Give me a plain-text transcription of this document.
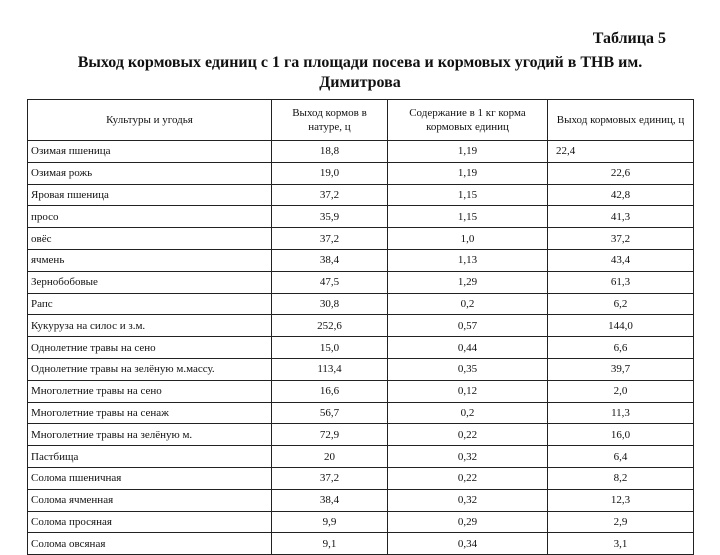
Таблица 5
Выход кормовых единиц с 1 га площади посева и кормовых угодий в ТНВ им.
Димитрова
Культуры и угодья	Выход кормов в натуре, ц	Содержание в 1 кг корма кормовых единиц	Выход кормовых единиц, ц
Озимая пшеница	18,8	1,19	22,4
Озимая рожь	19,0	1,19	22,6
Яровая пшеница	37,2	1,15	42,8
просо	35,9	1,15	41,3
овёс	37,2	1,0	37,2
ячмень	38,4	1,13	43,4
Зернобобовые	47,5	1,29	61,3
Рапс	30,8	0,2	6,2
Кукуруза на силос и з.м.	252,6	0,57	144,0
Однолетние травы на сено	15,0	0,44	6,6
Однолетние травы на зелёную м.массу.	113,4	0,35	39,7
Многолетние травы на сено	16,6	0,12	2,0
Многолетние травы на сенаж	56,7	0,2	11,3
Многолетние травы на зелёную м.	72,9	0,22	16,0
Пастбища	20	0,32	6,4
Солома пшеничная	37,2	0,22	8,2
Солома ячменная	38,4	0,32	12,3
Солома просяная	9,9	0,29	2,9
Солома овсяная	9,1	0,34	3,1
